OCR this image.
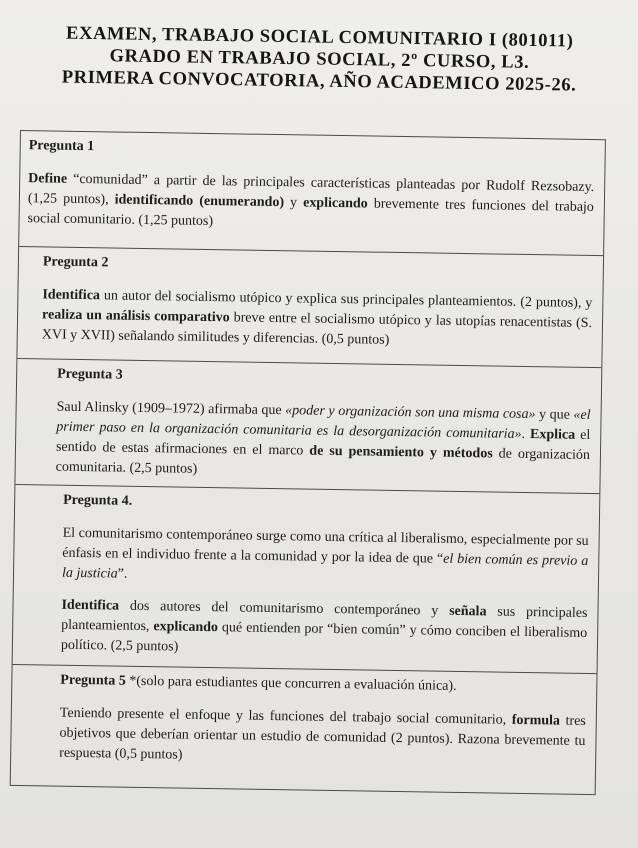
EXAMEN, TRABAJO SOCIAL COMUNITARIO I (801011)
GRADO EN TRABAJO SOCIAL, 2º CURSO, L3.
PRIMERA CONVOCATORIA, AÑO ACADEMICO 2025-26.

Pregunta 1

Define “comunidad” a partir de las principales características planteadas por Rudolf Rezsobazy. (1,25 puntos), identificando (enumerando) y explicando brevemente tres funciones del trabajo social comunitario. (1,25 puntos)

Pregunta 2

Identifica un autor del socialismo utópico y explica sus principales planteamientos. (2 puntos), y realiza un análisis comparativo breve entre el socialismo utópico y las utopías renacentistas (S. XVI y XVII) señalando similitudes y diferencias. (0,5 puntos)

Pregunta 3

Saul Alinsky (1909–1972) afirmaba que «poder y organización son una misma cosa» y que «el primer paso en la organización comunitaria es la desorganización comunitaria». Explica el sentido de estas afirmaciones en el marco de su pensamiento y métodos de organización comunitaria. (2,5 puntos)

Pregunta 4.

El comunitarismo contemporáneo surge como una crítica al liberalismo, especialmente por su énfasis en el individuo frente a la comunidad y por la idea de que “el bien común es previo a la justicia”.

Identifica dos autores del comunitarismo contemporáneo y señala sus principales planteamientos, explicando qué entienden por “bien común” y cómo conciben el liberalismo político. (2,5 puntos)

Pregunta 5 *(solo para estudiantes que concurren a evaluación única).

Teniendo presente el enfoque y las funciones del trabajo social comunitario, formula tres objetivos que deberían orientar un estudio de comunidad (2 puntos). Razona brevemente tu respuesta (0,5 puntos)
